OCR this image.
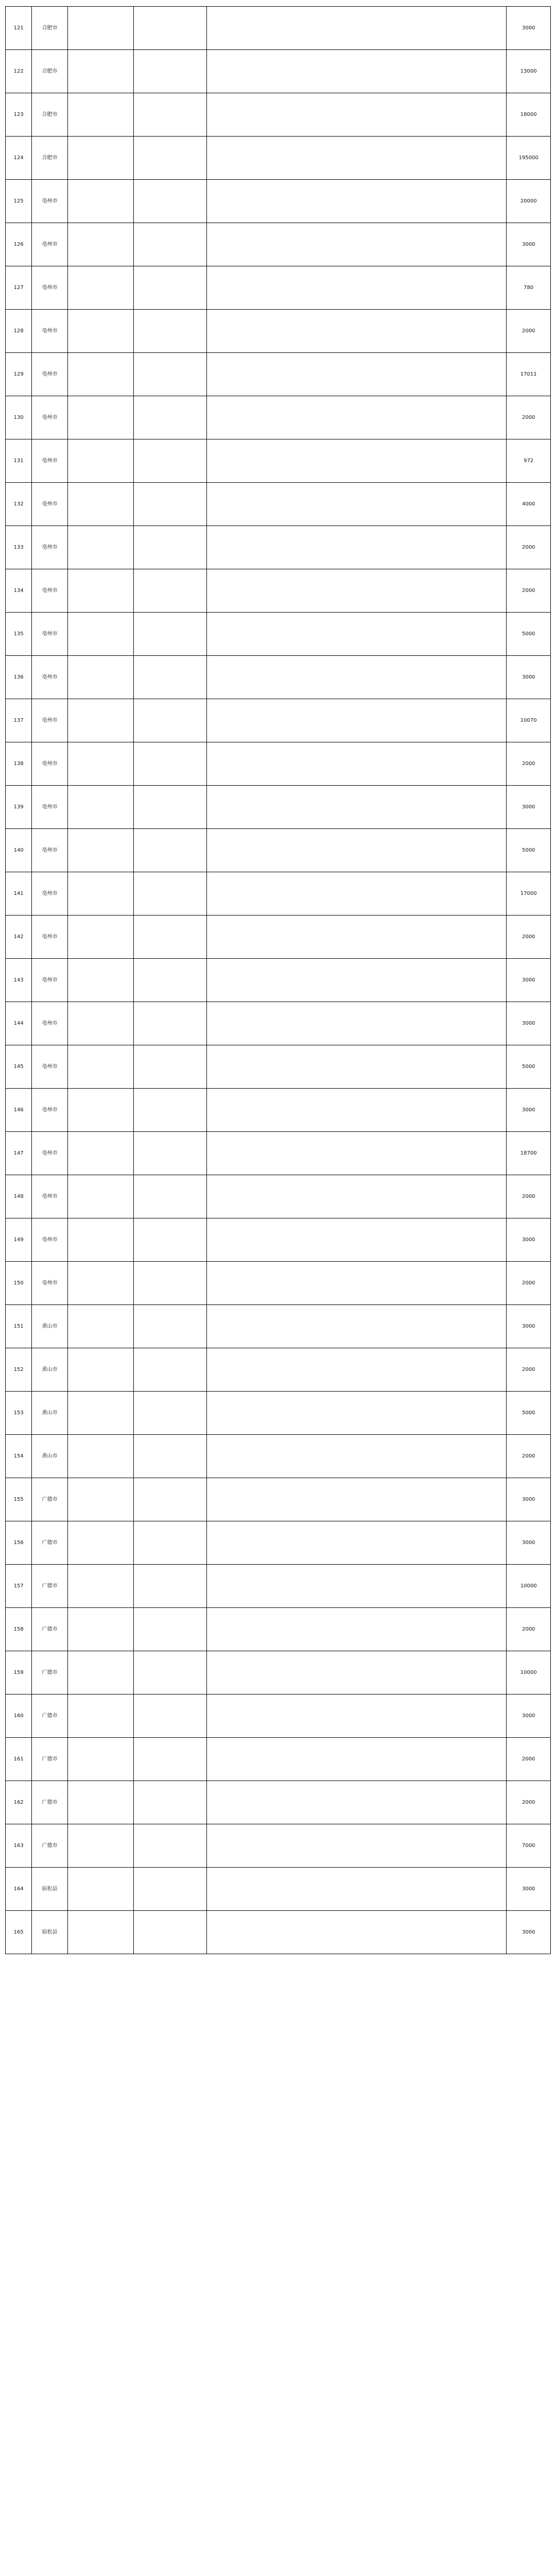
121	合肥市				3000
122	合肥市				13000
123	合肥市				18000
124	合肥市				195000
125	亳州市				20000
126	亳州市				3000
127	亳州市				780
128	亳州市				2000
129	亳州市				17011
130	亳州市				2000
131	亳州市				972
132	亳州市				4000
133	亳州市				2000
134	亳州市				2000
135	亳州市				5000
136	亳州市				3000
137	亳州市				10070
138	亳州市				2000
139	亳州市				3000
140	亳州市				5000
141	亳州市				17000
142	亳州市				2000
143	亳州市				3000
144	亳州市				3000
145	亳州市				5000
146	亳州市				3000
147	亳州市				18700
148	亳州市				2000
149	亳州市				3000
150	亳州市				2000
151	黄山市				3000
152	黄山市				2000
153	黄山市				5000
154	黄山市				2000
155	广德市				3000
156	广德市				3000
157	广德市				10000
158	广德市				2000
159	广德市				10000
160	广德市				3000
161	广德市				2000
162	广德市				2000
163	广德市				7000
164	宿松县				3000
165	宿松县				3000
